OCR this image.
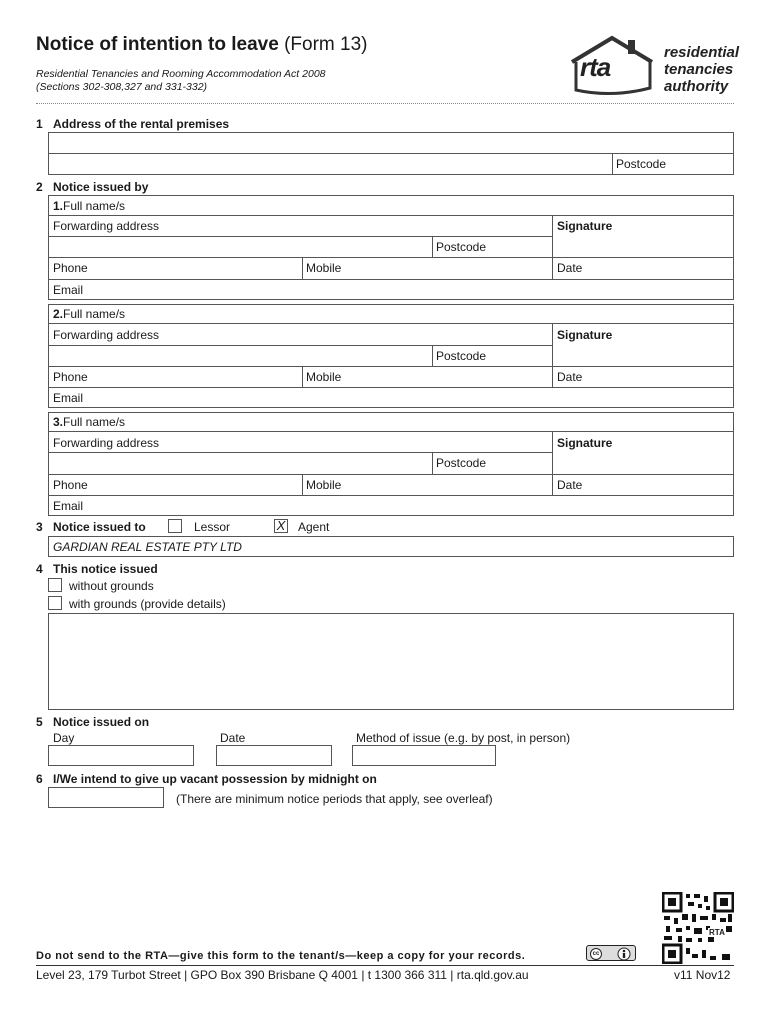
Notice of intention to leave (Form 13)
Residential Tenancies and Rooming Accommodation Act 2008
(Sections 302-308,327 and 331-332)
rta	residential
tenancies
authority
1 Address of the rental premises
Postcode
2 Notice issued by
1.Full name/s
Forwarding address	Signature
Postcode
Phone	Mobile	Date
Email
2.Full name/s
Forwarding address	Signature
Postcode
Phone	Mobile	Date
Email
3.Full name/s
Forwarding address	Signature
Postcode
Phone	Mobile	Date
Email
3 Notice issued to	Lessor	X Agent
GARDIAN REAL ESTATE PTY LTD
4 This notice issued
without grounds
with grounds (provide details)
5 Notice issued on
Day	Date	Method of issue (e.g. by post, in person)
6 I/We intend to give up vacant possession by midnight on
(There are minimum notice periods that apply, see overleaf)
RTA
Do not send to the RTA—give this form to the tenant/s—keep a copy for your records.	cc
Level 23, 179 Turbot Street | GPO Box 390 Brisbane Q 4001 | t 1300 366 311 | rta.qld.gov.au	v11 Nov12
